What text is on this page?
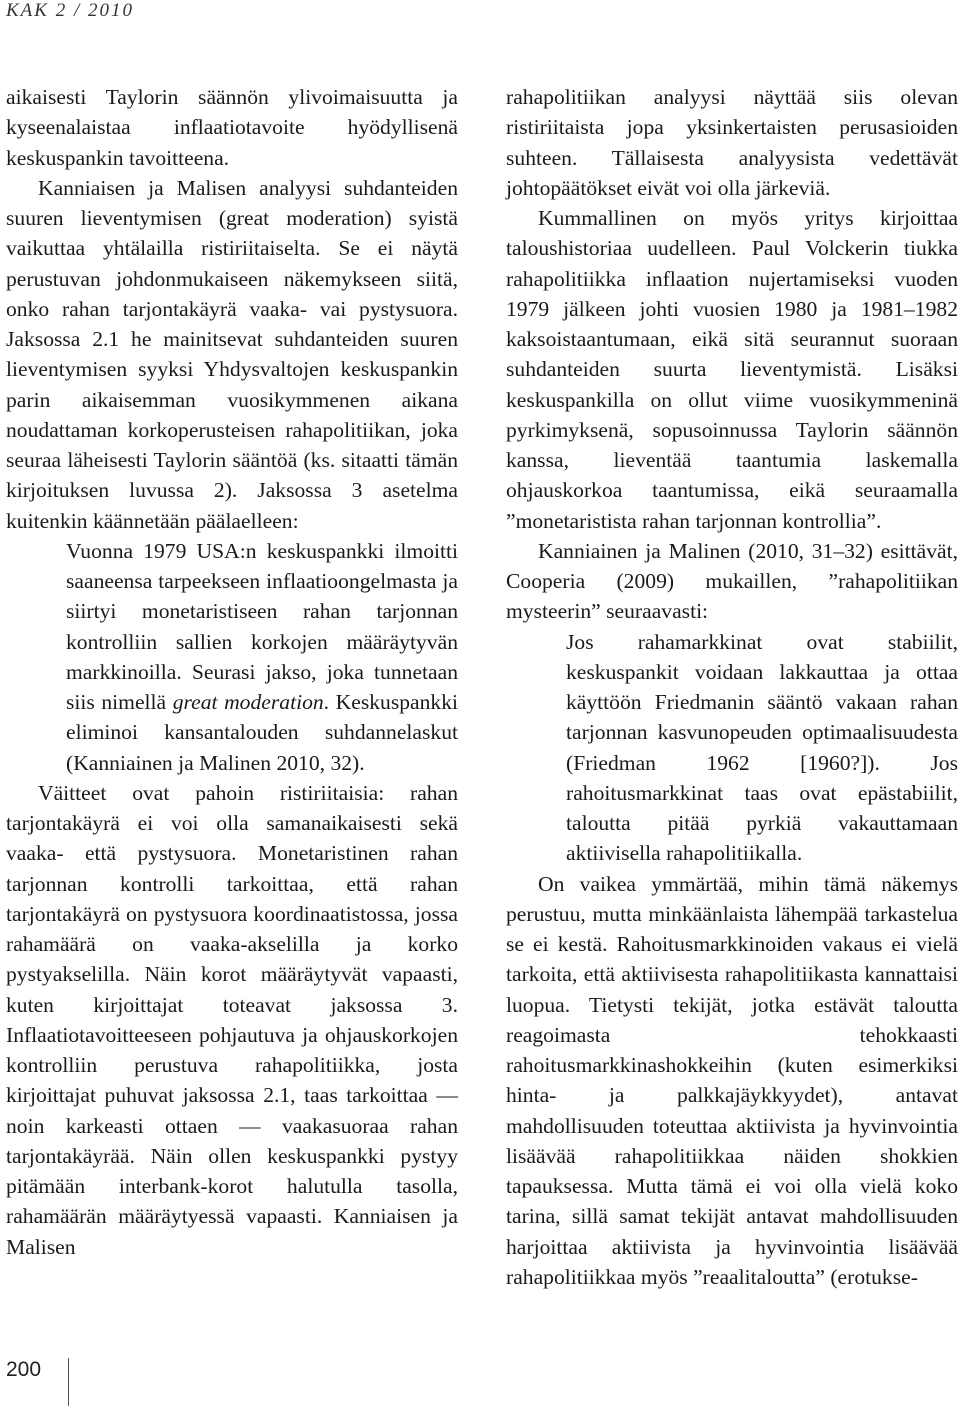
KAK 2 / 2010

aikaisesti Taylorin säännön ylivoimaisuutta ja kyseenalaistaa inflaatiotavoite hyödyllisenä keskuspankin tavoitteena.

Kanniaisen ja Malisen analyysi suhdanteiden suuren lieventymisen (great moderation) syistä vaikuttaa yhtälailla ristiriitaiselta. Se ei näytä perustuvan johdonmukaiseen näkemykseen siitä, onko rahan tarjontakäyrä vaaka- vai pystysuora. Jaksossa 2.1 he mainitsevat suhdanteiden suuren lieventymisen syyksi Yhdysvaltojen keskuspankin parin aikaisemman vuosikymmenen aikana noudattaman korkoperusteisen rahapolitiikan, joka seuraa läheisesti Taylorin sääntöä (ks. sitaatti tämän kirjoituksen luvussa 2). Jaksossa 3 asetelma kuitenkin käännetään päälaelleen:

Vuonna 1979 USA:n keskuspankki ilmoitti saaneensa tarpeekseen inflaatioongelmasta ja siirtyi monetaristiseen rahan tarjonnan kontrolliin sallien korkojen määräytyvän markkinoilla. Seurasi jakso, joka tunnetaan siis nimellä great moderation. Keskuspankki eliminoi kansantalouden suhdannelaskut (Kanniainen ja Malinen 2010, 32).

Väitteet ovat pahoin ristiriitaisia: rahan tarjontakäyrä ei voi olla samanaikaisesti sekä vaaka- että pystysuora. Monetaristinen rahan tarjonnan kontrolli tarkoittaa, että rahan tarjontakäyrä on pystysuora koordinaatistossa, jossa rahamäärä on vaaka-akselilla ja korko pystyakselilla. Näin korot määräytyvät vapaasti, kuten kirjoittajat toteavat jaksossa 3. Inflaatiotavoitteeseen pohjautuva ja ohjauskorkojen kontrolliin perustuva rahapolitiikka, josta kirjoittajat puhuvat jaksossa 2.1, taas tarkoittaa — noin karkeasti ottaen — vaakasuoraa rahan tarjontakäyrää. Näin ollen keskuspankki pystyy pitämään interbank-korot halutulla tasolla, rahamäärän määräytyessä vapaasti. Kanniaisen ja Malisen

rahapolitiikan analyysi näyttää siis olevan ristiriitaista jopa yksinkertaisten perusasioiden suhteen. Tällaisesta analyysista vedettävät johtopäätökset eivät voi olla järkeviä.

Kummallinen on myös yritys kirjoittaa taloushistoriaa uudelleen. Paul Volckerin tiukka rahapolitiikka inflaation nujertamiseksi vuoden 1979 jälkeen johti vuosien 1980 ja 1981–1982 kaksoistaantumaan, eikä sitä seurannut suoraan suhdanteiden suurta lieventymistä. Lisäksi keskuspankilla on ollut viime vuosikymmeninä pyrkimyksenä, sopusoinnussa Taylorin säännön kanssa, lieventää taantumia laskemalla ohjauskorkoa taantumissa, eikä seuraamalla ”monetaristista rahan tarjonnan kontrollia”.

Kanniainen ja Malinen (2010, 31–32) esittävät, Cooperia (2009) mukaillen, ”rahapolitiikan mysteerin” seuraavasti:

Jos rahamarkkinat ovat stabiilit, keskuspankit voidaan lakkauttaa ja ottaa käyttöön Friedmanin sääntö vakaan rahan tarjonnan kasvunopeuden optimaalisuudesta (Friedman 1962 [1960?]). Jos rahoitusmarkkinat taas ovat epästabiilit, taloutta pitää pyrkiä vakauttamaan aktiivisella rahapolitiikalla.

On vaikea ymmärtää, mihin tämä näkemys perustuu, mutta minkäänlaista lähempää tarkastelua se ei kestä. Rahoitusmarkkinoiden vakaus ei vielä tarkoita, että aktiivisesta rahapolitiikasta kannattaisi luopua. Tietysti tekijät, jotka estävät taloutta reagoimasta tehokkaasti rahoitusmarkkinashokkeihin (kuten esimerkiksi hinta- ja palkkajäykkyydet), antavat mahdollisuuden toteuttaa aktiivista ja hyvinvointia lisäävää rahapolitiikkaa näiden shokkien tapauksessa. Mutta tämä ei voi olla vielä koko tarina, sillä samat tekijät antavat mahdollisuuden harjoittaa aktiivista ja hyvinvointia lisäävää rahapolitiikkaa myös ”reaalitaloutta” (erotukse-

200
